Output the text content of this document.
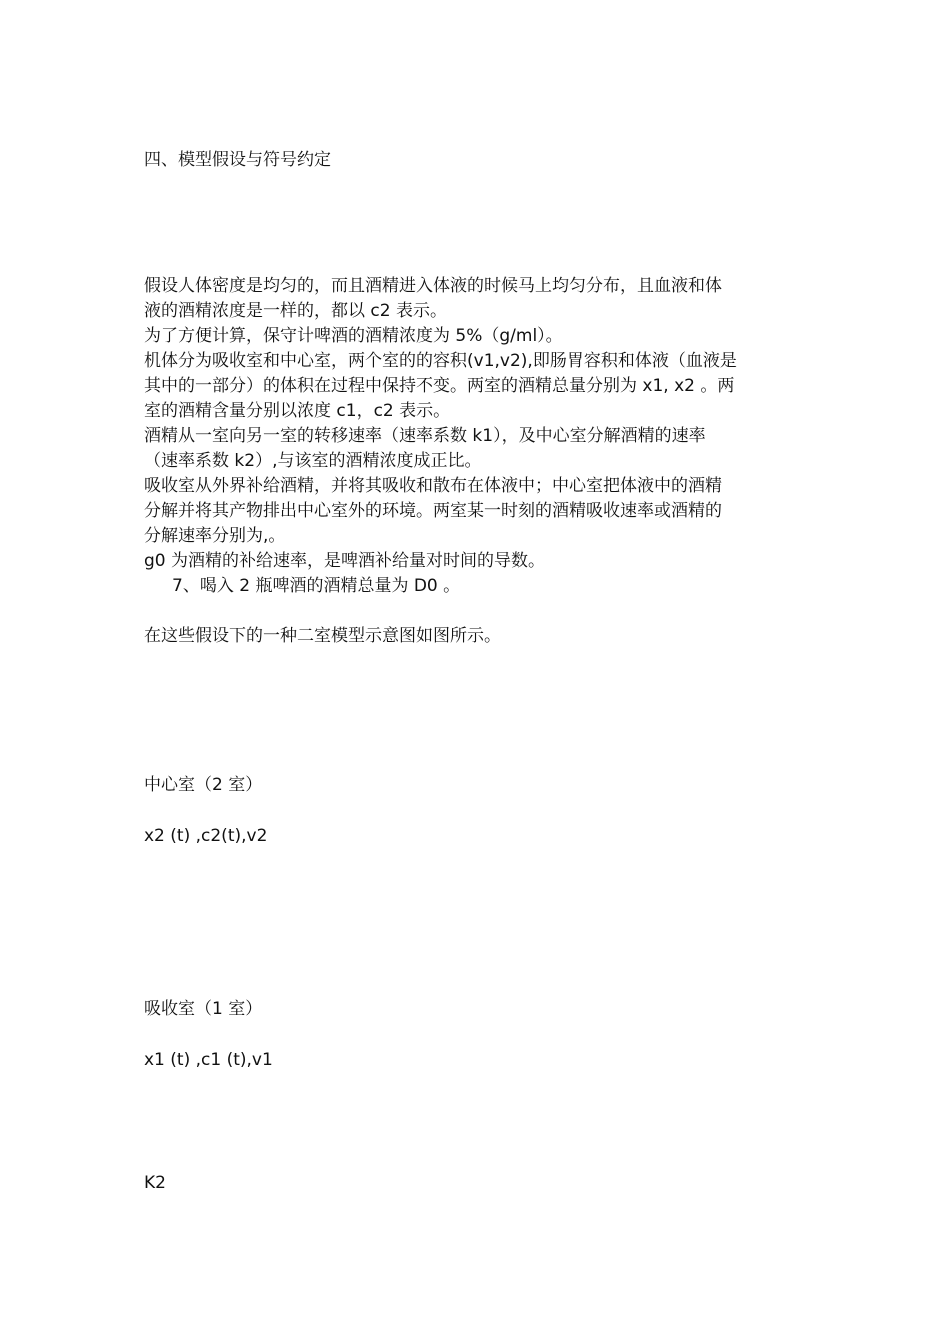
四、模型假设与符号约定
假设人体密度是均匀的，而且酒精进入体液的时候马上均匀分布，且血液和体
液的酒精浓度是一样的，都以 c2 表示。
为了方便计算，保守计啤酒的酒精浓度为 5%（g/ml）。
机体分为吸收室和中心室，两个室的的容积(v1,v2),即肠胃容积和体液（血液是
其中的一部分）的体积在过程中保持不变。两室的酒精总量分别为 x1, x2 。两
室的酒精含量分别以浓度 c1，c2 表示。
酒精从一室向另一室的转移速率（速率系数 k1），及中心室分解酒精的速率
（速率系数 k2）,与该室的酒精浓度成正比。
吸收室从外界补给酒精，并将其吸收和散布在体液中；中心室把体液中的酒精
分解并将其产物排出中心室外的环境。两室某一时刻的酒精吸收速率或酒精的
分解速率分别为,。
g0 为酒精的补给速率，是啤酒补给量对时间的导数。
7、喝入 2 瓶啤酒的酒精总量为 D0 。
在这些假设下的一种二室模型示意图如图所示。
中心室（2 室）
x2 (t) ,c2(t),v2
吸收室（1 室）
x1 (t) ,c1 (t),v1
K2
